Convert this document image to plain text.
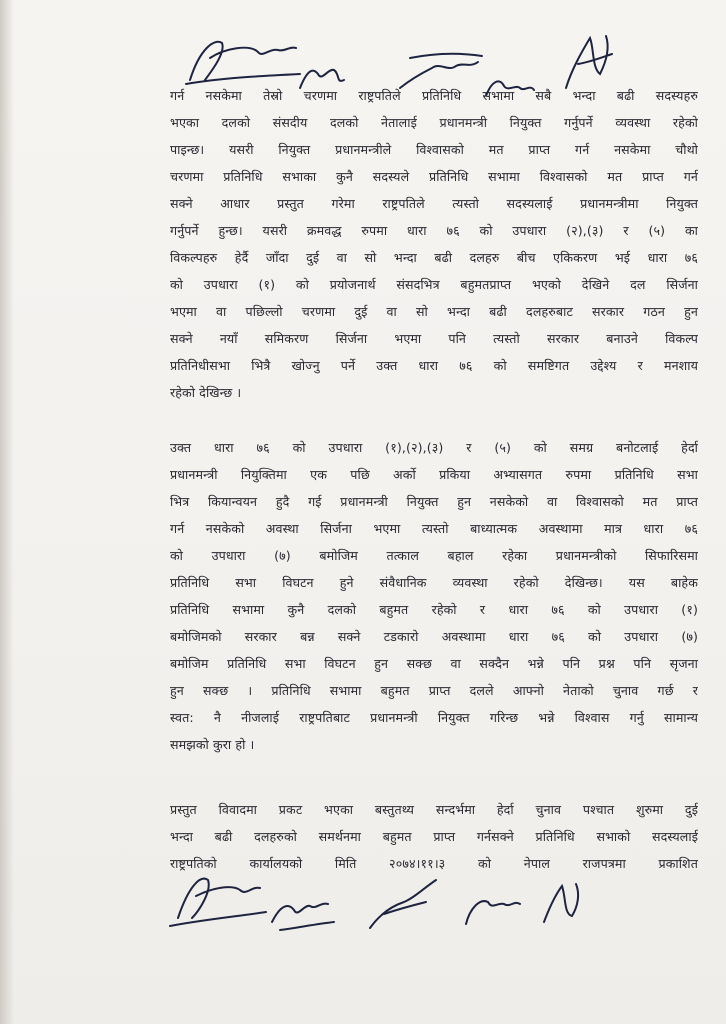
गर्न नसकेमा तेस्रो चरणमा राष्ट्रपतिले प्रतिनिधि सभामा सबै भन्दा बढी सदस्यहरु
भएका दलको संसदीय दलको नेतालाई प्रधानमन्त्री नियुक्त गर्नुपर्ने व्यवस्था रहेको
पाइन्छ। यसरी नियुक्त प्रधानमन्त्रीले विश्वासको मत प्राप्त गर्न नसकेमा चौथो
चरणमा प्रतिनिधि सभाका कुनै सदस्यले प्रतिनिधि सभामा विश्वासको मत प्राप्त गर्न
सक्ने आधार प्रस्तुत गरेमा राष्ट्रपतिले त्यस्तो सदस्यलाई प्रधानमन्त्रीमा नियुक्त
गर्नुपर्ने हुन्छ। यसरी क्रमवद्ध रुपमा धारा ७६ को उपधारा (२),(३) र (५) का
विकल्पहरु हेर्दै जाँदा दुई वा सो भन्दा बढी दलहरु बीच एकिकरण भई धारा ७६
को उपधारा (१) को प्रयोजनार्थ संसदभित्र बहुमतप्राप्त भएको देखिने दल सिर्जना
भएमा वा पछिल्लो चरणमा दुई वा सो भन्दा बढी दलहरुबाट सरकार गठन हुन
सक्ने नयाँ समिकरण सिर्जना भएमा पनि त्यस्तो सरकार बनाउने विकल्प
प्रतिनिधीसभा भित्रै खोज्नु पर्ने उक्त धारा ७६ को समष्टिगत उद्देश्य र मनशाय
रहेको देखिन्छ ।
उक्त धारा ७६ को उपधारा (१),(२),(३) र (५) को समग्र बनोटलाई हेर्दा
प्रधानमन्त्री नियुक्तिमा एक पछि अर्को प्रकिया अभ्यासगत रुपमा प्रतिनिधि सभा
भित्र कियान्वयन हुदै गई प्रधानमन्त्री नियुक्त हुन नसकेको वा विश्वासको मत प्राप्त
गर्न नसकेको अवस्था सिर्जना भएमा त्यस्तो बाध्यात्मक अवस्थामा मात्र धारा ७६
को उपधारा (७) बमोजिम तत्काल बहाल रहेका प्रधानमन्त्रीको सिफारिसमा
प्रतिनिधि सभा विघटन हुने संवैधानिक व्यवस्था रहेको देखिन्छ। यस बाहेक
प्रतिनिधि सभामा कुनै दलको बहुमत रहेको र धारा ७६ को उपधारा (१)
बमोजिमको सरकार बन्न सक्ने टडकारो अवस्थामा धारा ७६ को उपधारा (७)
बमोजिम प्रतिनिधि सभा विघटन हुन सक्छ वा सक्दैन भन्ने पनि प्रश्न पनि सृजना
हुन सक्छ । प्रतिनिधि सभामा बहुमत प्राप्त दलले आफ्नो नेताको चुनाव गर्छ र
स्वत: नै नीजलाई राष्ट्रपतिबाट प्रधानमन्त्री नियुक्त गरिन्छ भन्ने विश्वास गर्नु सामान्य
समझको कुरा हो ।
प्रस्तुत विवादमा प्रकट भएका बस्तुतथ्य सन्दर्भमा हेर्दा चुनाव पश्चात शुरुमा दुई
भन्दा बढी दलहरुको समर्थनमा बहुमत प्राप्त गर्नसक्ने प्रतिनिधि सभाको सदस्यलाई
राष्ट्रपतिको कार्यालयको मिति २०७४।११।३ को नेपाल राजपत्रमा प्रकाशित
